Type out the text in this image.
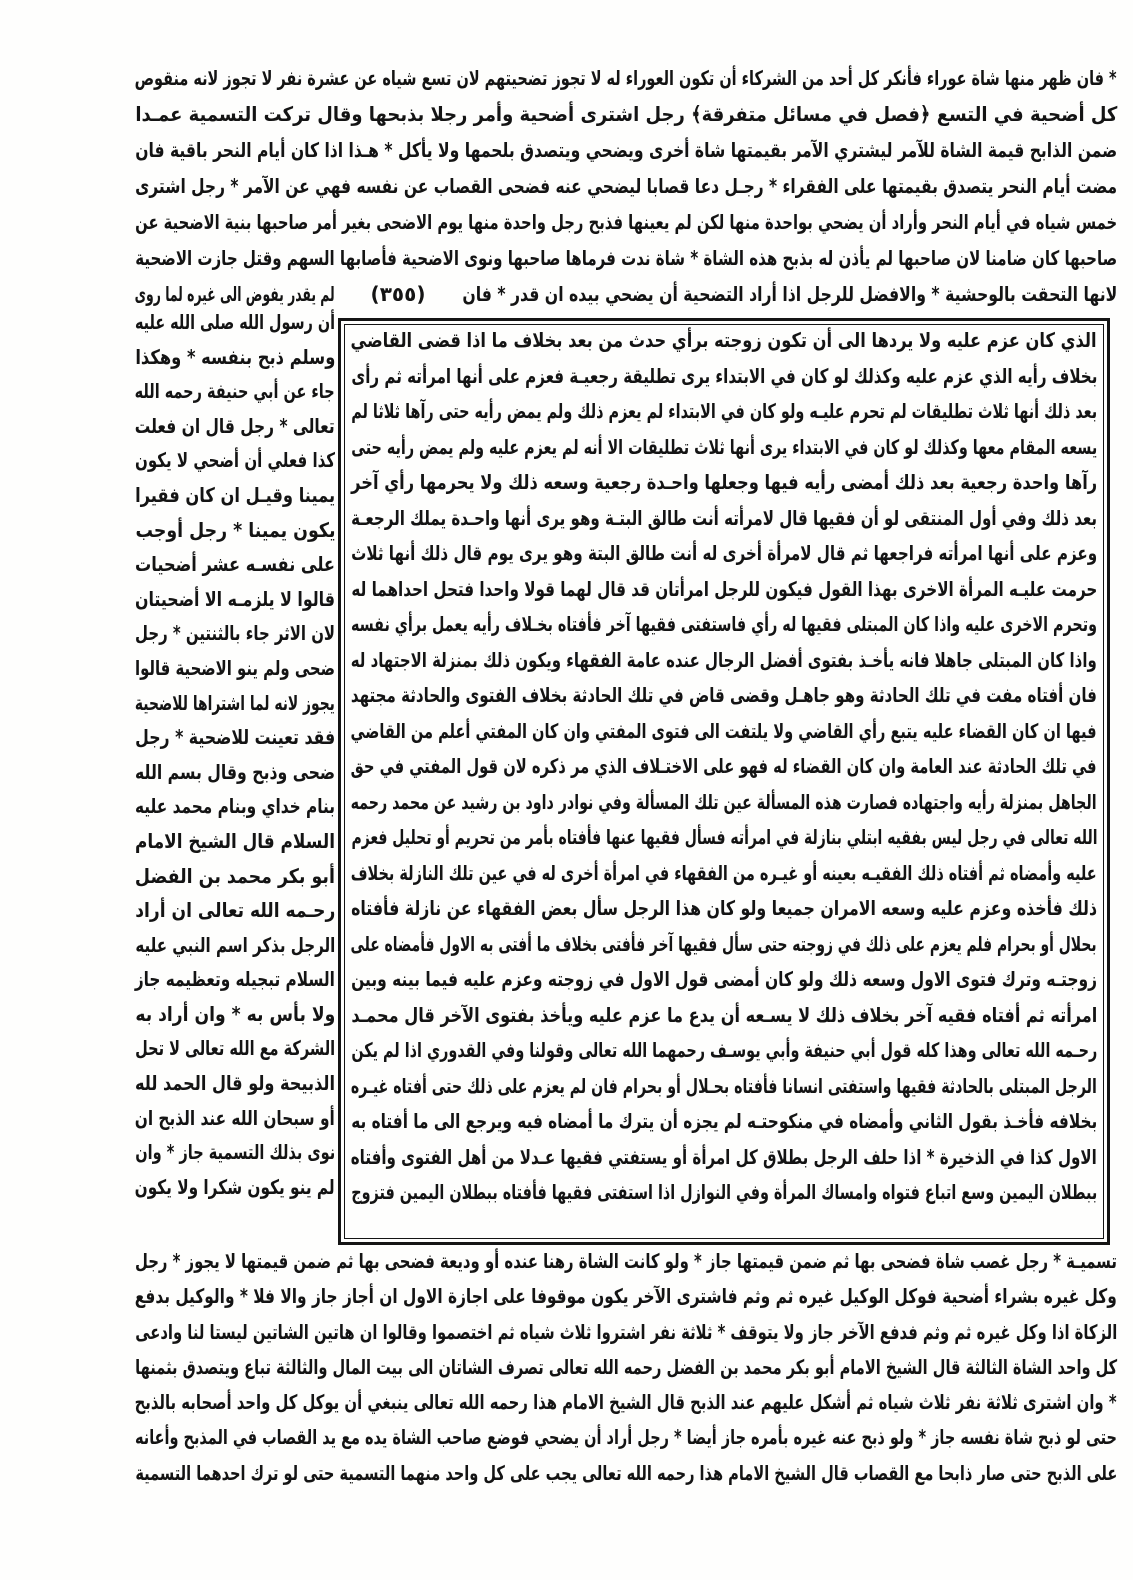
* فان ظهر منها شاة عوراء فأنكر كل أحد من الشركاء أن تكون العوراء له لا تجوز تضحيتهم لان تسع شياه عن عشرة نفر لا تجوز لانه منقوص
كل أضحية في التسع ﴿فصل في مسائل متفرقة﴾ رجل اشترى أضحية وأمر رجلا بذبحها وقال تركت التسمية عمـدا
ضمن الذابح قيمة الشاة للآمر ليشتري الآمر بقيمتها شاة أخرى ويضحي ويتصدق بلحمها ولا يأكل * هـذا اذا كان أيام النحر باقية فان
مضت أيام النحر يتصدق بقيمتها على الفقراء * رجـل دعا قصابا ليضحي عنه فضحى القصاب عن نفسه فهي عن الآمر * رجل اشترى
خمس شياه في أيام النحر وأراد أن يضحي بواحدة منها لكن لم يعينها فذبح رجل واحدة منها يوم الاضحى بغير أمر صاحبها بنية الاضحية عن
صاحبها كان ضامنا لان صاحبها لم يأذن له بذبح هذه الشاة * شاة ندت فرماها صاحبها ونوى الاضحية فأصابها السهم وقتل جازت الاضحية
لانها التحقت بالوحشية * والافضل للرجل اذا أراد التضحية أن يضحي بيده ان قدر * فان
(٣٥٥)
لم يقدر يفوض الى غيره لما روى
أن رسول الله صلى الله عليه
وسلم ذبح بنفسه * وهكذا
جاء عن أبي حنيفة رحمه الله
تعالى * رجل قال ان فعلت
كذا فعلي أن أضحي لا يكون
يمينا وقيـل ان كان فقيرا
يكون يمينا * رجل أوجب
على نفسـه عشر أضحيات
قالوا لا يلزمـه الا أضحيتان
لان الاثر جاء بالثنتين * رجل
ضحى ولم ينو الاضحية قالوا
يجوز لانه لما اشتراها للاضحية
فقد تعينت للاضحية * رجل
ضحى وذبح وقال بسم الله
بنام خداي وبنام محمد عليه
السلام قال الشيخ الامام
أبو بكر محمد بن الفضل
رحـمه الله تعالى ان أراد
الرجل بذكر اسم النبي عليه
السلام تبجيله وتعظيمه جاز
ولا بأس به * وان أراد به
الشركة مع الله تعالى لا تحل
الذبيحة ولو قال الحمد لله
أو سبحان الله عند الذبح ان
نوى بذلك التسمية جاز * وان
لم ينو يكون شكرا ولا يكون
الذي كان عزم عليه ولا يردها الى أن تكون زوجته برأي حدث من بعد بخلاف ما اذا قضى القاضي
بخلاف رأيه الذي عزم عليه وكذلك لو كان في الابتداء يرى تطليقة رجعيـة فعزم على أنها امرأته ثم رأى
بعد ذلك أنها ثلاث تطليقات لم تحرم عليـه ولو كان في الابتداء لم يعزم ذلك ولم يمض رأيه حتى رآها ثلاثا لم
يسعه المقام معها وكذلك لو كان في الابتداء يرى أنها ثلاث تطليقات الا أنه لم يعزم عليه ولم يمض رأيه حتى
رآها واحدة رجعية بعد ذلك أمضى رأيه فيها وجعلها واحـدة رجعية وسعه ذلك ولا يحرمها رأي آخر
بعد ذلك وفي أول المنتقى لو أن فقيها قال لامرأته أنت طالق البتـة وهو يرى أنها واحـدة يملك الرجعـة
وعزم على أنها امرأته فراجعها ثم قال لامرأة أخرى له أنت طالق البتة وهو يرى يوم قال ذلك أنها ثلاث
حرمت عليـه المرأة الاخرى بهذا القول فيكون للرجل امرأتان قد قال لهما قولا واحدا فتحل احداهما له
وتحرم الاخرى عليه واذا كان المبتلى فقيها له رأي فاستفتى فقيها آخر فأفتاه بخـلاف رأيه يعمل برأي نفسه
واذا كان المبتلى جاهلا فانه يأخـذ بفتوى أفضل الرجال عنده عامة الفقهاء ويكون ذلك بمنزلة الاجتهاد له
فان أفتاه مفت في تلك الحادثة وهو جاهـل وقضى قاض في تلك الحادثة بخلاف الفتوى والحادثة مجتهد
فيها ان كان القضاء عليه يتبع رأي القاضي ولا يلتفت الى فتوى المفتي وان كان المفتي أعلم من القاضي
في تلك الحادثة عند العامة وان كان القضاء له فهو على الاختـلاف الذي مر ذكره لان قول المفتي في حق
الجاهل بمنزلة رأيه واجتهاده فصارت هذه المسألة عين تلك المسألة وفي نوادر داود بن رشيد عن محمد رحمه
الله تعالى في رجل ليس بفقيه ابتلي بنازلة في امرأته فسأل فقيها عنها فأفتاه بأمر من تحريم أو تحليل فعزم
عليه وأمضاه ثم أفتاه ذلك الفقيـه بعينه أو غيـره من الفقهاء في امرأة أخرى له في عين تلك النازلة بخلاف
ذلك فأخذه وعزم عليه وسعه الامران جميعا ولو كان هذا الرجل سأل بعض الفقهاء عن نازلة فأفتاه
بحلال أو بحرام فلم يعزم على ذلك في زوجته حتى سأل فقيها آخر فأفتى بخلاف ما أفتى به الاول فأمضاه على
زوجتـه وترك فتوى الاول وسعه ذلك ولو كان أمضى قول الاول في زوجته وعزم عليه فيما بينه وبين
امرأته ثم أفتاه فقيه آخر بخلاف ذلك لا يسـعه أن يدع ما عزم عليه ويأخذ بفتوى الآخر قال محمـد
رحـمه الله تعالى وهذا كله قول أبي حنيفة وأبي يوسـف رحمهما الله تعالى وقولنا وفي القدوري اذا لم يكن
الرجل المبتلى بالحادثة فقيها واستفتى انسانا فأفتاه بحـلال أو بحرام فان لم يعزم على ذلك حتى أفتاه غيـره
بخلافه فأخـذ بقول الثاني وأمضاه في منكوحتـه لم يجزه أن يترك ما أمضاه فيه ويرجع الى ما أفتاه به
الاول كذا في الذخيرة * اذا حلف الرجل بطلاق كل امرأة أو يستفتي فقيها عـدلا من أهل الفتوى وأفتاه
ببطلان اليمين وسع اتباع فتواه وامساك المرأة وفي النوازل اذا استفتى فقيها فأفتاه ببطلان اليمين فتزوج
تسميـة * رجل غصب شاة فضحى بها ثم ضمن قيمتها جاز * ولو كانت الشاة رهنا عنده أو وديعة فضحى بها ثم ضمن قيمتها لا يجوز * رجل
وكل غيره بشراء أضحية فوكل الوكيل غيره ثم وثم فاشترى الآخر يكون موقوفا على اجازة الاول ان أجاز جاز والا فلا * والوكيل بدفع
الزكاة اذا وكل غيره ثم وثم فدفع الآخر جاز ولا يتوقف * ثلاثة نفر اشتروا ثلاث شياه ثم اختصموا وقالوا ان هاتين الشاتين ليستا لنا وادعى
كل واحد الشاة الثالثة قال الشيخ الامام أبو بكر محمد بن الفضل رحمه الله تعالى تصرف الشاتان الى بيت المال والثالثة تباع ويتصدق بثمنها
* وان اشترى ثلاثة نفر ثلاث شياه ثم أشكل عليهم عند الذبح قال الشيخ الامام هذا رحمه الله تعالى ينبغي أن يوكل كل واحد أصحابه بالذبح
حتى لو ذبح شاة نفسه جاز * ولو ذبح عنه غيره بأمره جاز أيضا * رجل أراد أن يضحي فوضع صاحب الشاة يده مع يد القصاب في المذبح وأعانه
على الذبح حتى صار ذابحا مع القصاب قال الشيخ الامام هذا رحمه الله تعالى يجب على كل واحد منهما التسمية حتى لو ترك احدهما التسمية
